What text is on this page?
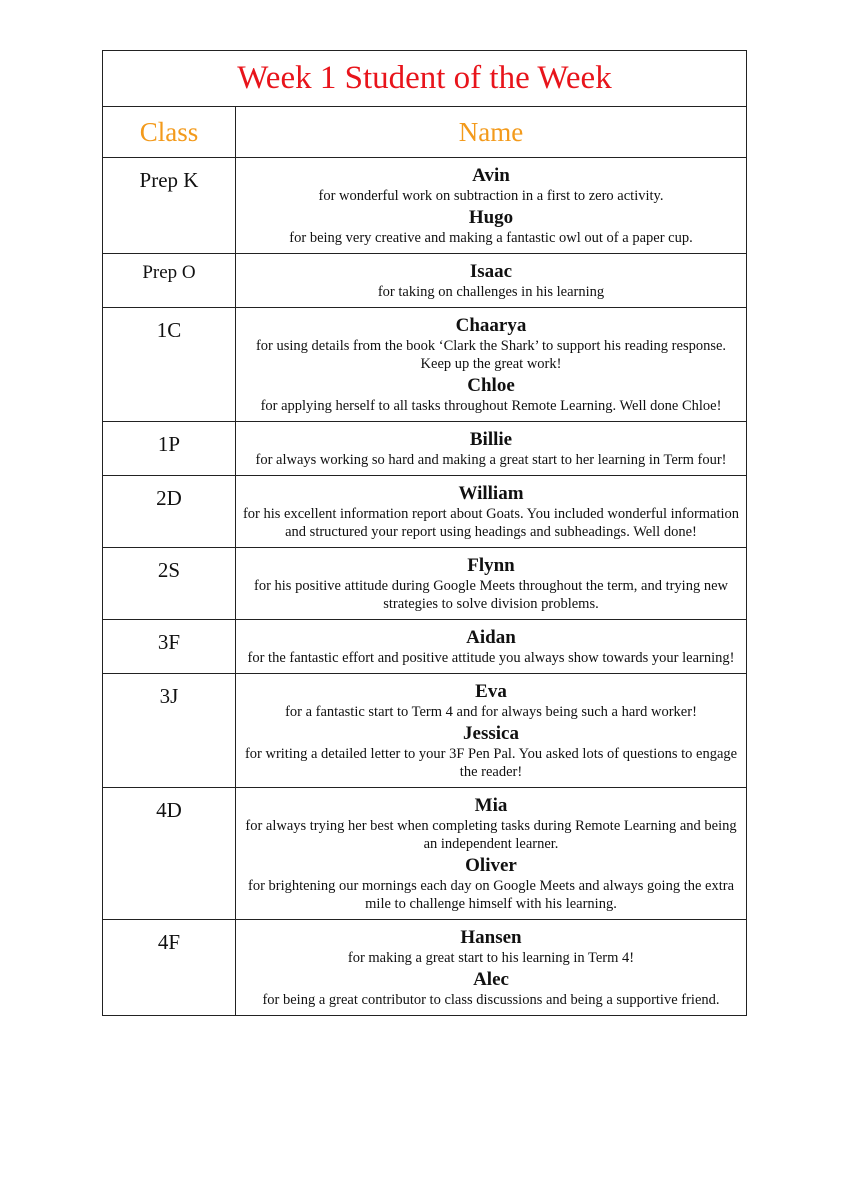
Week 1 Student of the Week
Class	Name
Prep K	Avin
for wonderful work on subtraction in a first to zero activity.
Hugo
for being very creative and making a fantastic owl out of a paper cup.
Prep O	Isaac
for taking on challenges in his learning
1C	Chaarya
for using details from the book ‘Clark the Shark’ to support his reading response. Keep up the great work!
Chloe
for applying herself to all tasks throughout Remote Learning. Well done Chloe!
1P	Billie
for always working so hard and making a great start to her learning in Term four!
2D	William
for his excellent information report about Goats. You included wonderful information and structured your report using headings and subheadings. Well done!
2S	Flynn
for his positive attitude during Google Meets throughout the term, and trying new strategies to solve division problems.
3F	Aidan
for the fantastic effort and positive attitude you always show towards your learning!
3J	Eva
for a fantastic start to Term 4 and for always being such a hard worker!
Jessica
for writing a detailed letter to your 3F Pen Pal. You asked lots of questions to engage the reader!
4D	Mia
for always trying her best when completing tasks during Remote Learning and being an independent learner.
Oliver
for brightening our mornings each day on Google Meets and always going the extra mile to challenge himself with his learning.
4F	Hansen
for making a great start to his learning in Term 4!
Alec
for being a great contributor to class discussions and being a supportive friend.
